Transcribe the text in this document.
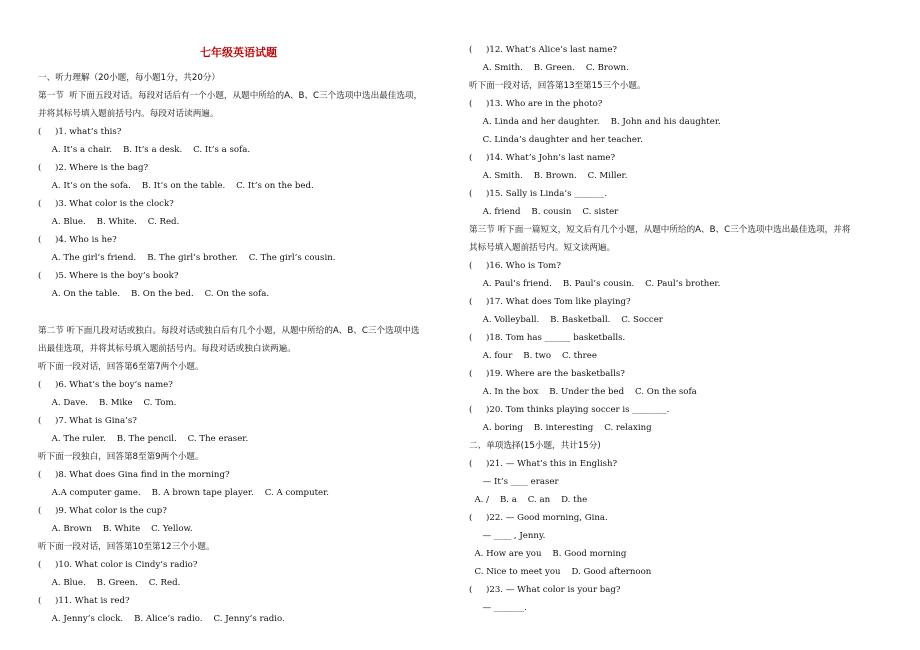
七年级英语试题
一、听力理解（20小题，每小题1分，共20分）
第一节  听下面五段对话。每段对话后有一个小题，从题中所给的A、B、C三个选项中选出最佳选项，
并将其标号填入题前括号内。每段对话读两遍。
(     )1. what’s this?
A. It’s a chair.    B. It’s a desk.    C. It’s a sofa.
(     )2. Where is the bag?
A. It’s on the sofa.    B. It’s on the table.    C. It’s on the bed.
(     )3. What color is the clock?
A. Blue.    B. White.    C. Red.
(     )4. Who is he?
A. The girl’s friend.    B. The girl’s brother.    C. The girl’s cousin.
(     )5. Where is the boy’s book?
A. On the table.    B. On the bed.    C. On the sofa.
第二节 听下面几段对话或独白。每段对话或独白后有几个小题，从题中所给的A、B、C三个选项中选
出最佳选项，并将其标号填入题前括号内。每段对话或独白读两遍。
听下面一段对话，回答第6至第7两个小题。
(     )6. What’s the boy’s name?
A. Dave.    B. Mike    C. Tom.
(     )7. What is Gina’s?
A. The ruler.    B. The pencil.    C. The eraser.
听下面一段独白，回答第8至第9两个小题。
(     )8. What does Gina find in the morning?
A.A computer game.    B. A brown tape player.    C. A computer.
(     )9. What color is the cup?
A. Brown    B. White    C. Yellow.
听下面一段对话，回答第10至第12三个小题。
(     )10. What color is Cindy’s radio?
A. Blue.    B. Green.    C. Red.
(     )11. What is red?
A. Jenny’s clock.    B. Alice’s radio.    C. Jenny’s radio.
(     )12. What’s Alice’s last name?
A. Smith.    B. Green.    C. Brown.
听下面一段对话，回答第13至第15三个小题。
(     )13. Who are in the photo?
A. Linda and her daughter.    B. John and his daughter.
C. Linda’s daughter and her teacher.
(     )14. What’s John’s last name?
A. Smith.    B. Brown.    C. Miller.
(     )15. Sally is Linda’s _______.
A. friend    B. cousin    C. sister
第三节 听下面一篇短文，短文后有几个小题，从题中所给的A、B、C三个选项中选出最佳选项，并将
其标号填入题前括号内。短文读两遍。
(     )16. Who is Tom?
A. Paul’s friend.    B. Paul’s cousin.    C. Paul’s brother.
(     )17. What does Tom like playing?
A. Volleyball.    B. Basketball.    C. Soccer
(     )18. Tom has ______ basketballs.
A. four    B. two    C. three
(     )19. Where are the basketballs?
A. In the box    B. Under the bed    C. On the sofa
(     )20. Tom thinks playing soccer is ________.
A. boring    B. interesting    C. relaxing
二、单项选择(15小题，共计15分)
(     )21. — What’s this in English?
— It’s ____ eraser
A. /    B. a    C. an    D. the
(     )22. — Good morning, Gina.
— ____ , Jenny.
A. How are you    B. Good morning
C. Nice to meet you    D. Good afternoon
(     )23. — What color is your bag?
— _______.
